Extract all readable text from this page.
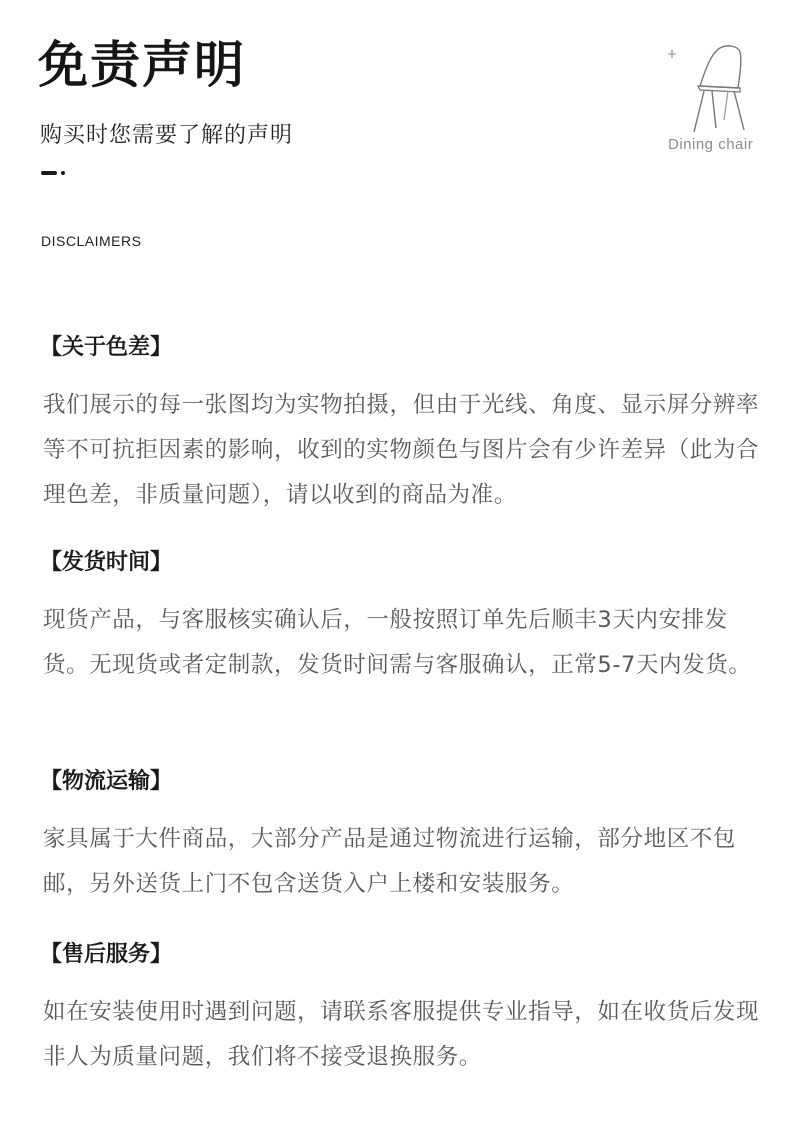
免责声明
购买时您需要了解的声明
DISCLAIMERS
Dining chair
【关于色差】

我们展示的每一张图均为实物拍摄，但由于光线、角度、显示屏分辨率等不可抗拒因素的影响，收到的实物颜色与图片会有少许差异（此为合理色差，非质量问题），请以收到的商品为准。

【发货时间】

现货产品，与客服核实确认后，一般按照订单先后顺丰3天内安排发货。无现货或者定制款，发货时间需与客服确认，正常5-7天内发货。

【物流运输】

家具属于大件商品，大部分产品是通过物流进行运输，部分地区不包邮，另外送货上门不包含送货入户上楼和安装服务。

【售后服务】

如在安装使用时遇到问题，请联系客服提供专业指导，如在收货后发现非人为质量问题，我们将不接受退换服务。
